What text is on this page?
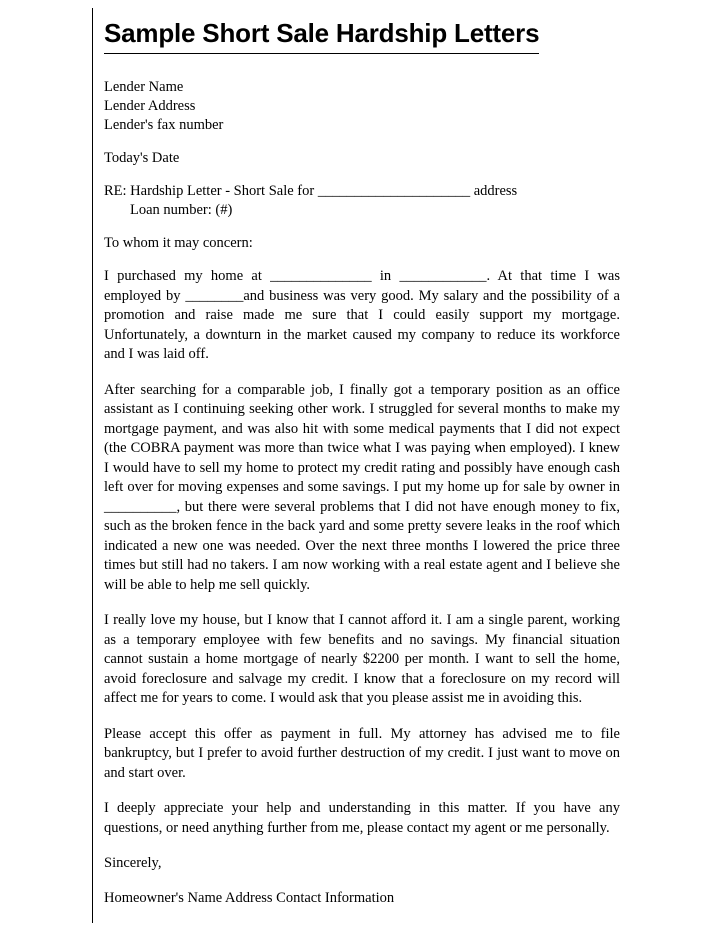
Sample Short Sale Hardship Letters
Lender Name
Lender Address
Lender's fax number
Today's Date
RE: Hardship Letter - Short Sale for _____________________ address
Loan number: (#)
To whom it may concern:

I purchased my home at ______________ in ____________. At that time I was employed by ________and business was very good. My salary and the possibility of a promotion and raise made me sure that I could easily support my mortgage. Unfortunately, a downturn in the market caused my company to reduce its workforce and I was laid off.

After searching for a comparable job, I finally got a temporary position as an office assistant as I continuing seeking other work. I struggled for several months to make my mortgage payment, and was also hit with some medical payments that I did not expect (the COBRA payment was more than twice what I was paying when employed). I knew I would have to sell my home to protect my credit rating and possibly have enough cash left over for moving expenses and some savings. I put my home up for sale by owner in __________, but there were several problems that I did not have enough money to fix, such as the broken fence in the back yard and some pretty severe leaks in the roof which indicated a new one was needed. Over the next three months I lowered the price three times but still had no takers. I am now working with a real estate agent and I believe she will be able to help me sell quickly.

I really love my house, but I know that I cannot afford it. I am a single parent, working as a temporary employee with few benefits and no savings. My financial situation cannot sustain a home mortgage of nearly $2200 per month. I want to sell the home, avoid foreclosure and salvage my credit. I know that a foreclosure on my record will affect me for years to come. I would ask that you please assist me in avoiding this.

Please accept this offer as payment in full. My attorney has advised me to file bankruptcy, but I prefer to avoid further destruction of my credit. I just want to move on and start over.

I deeply appreciate your help and understanding in this matter. If you have any questions, or need anything further from me, please contact my agent or me personally.

Sincerely,

Homeowner's Name Address Contact Information
